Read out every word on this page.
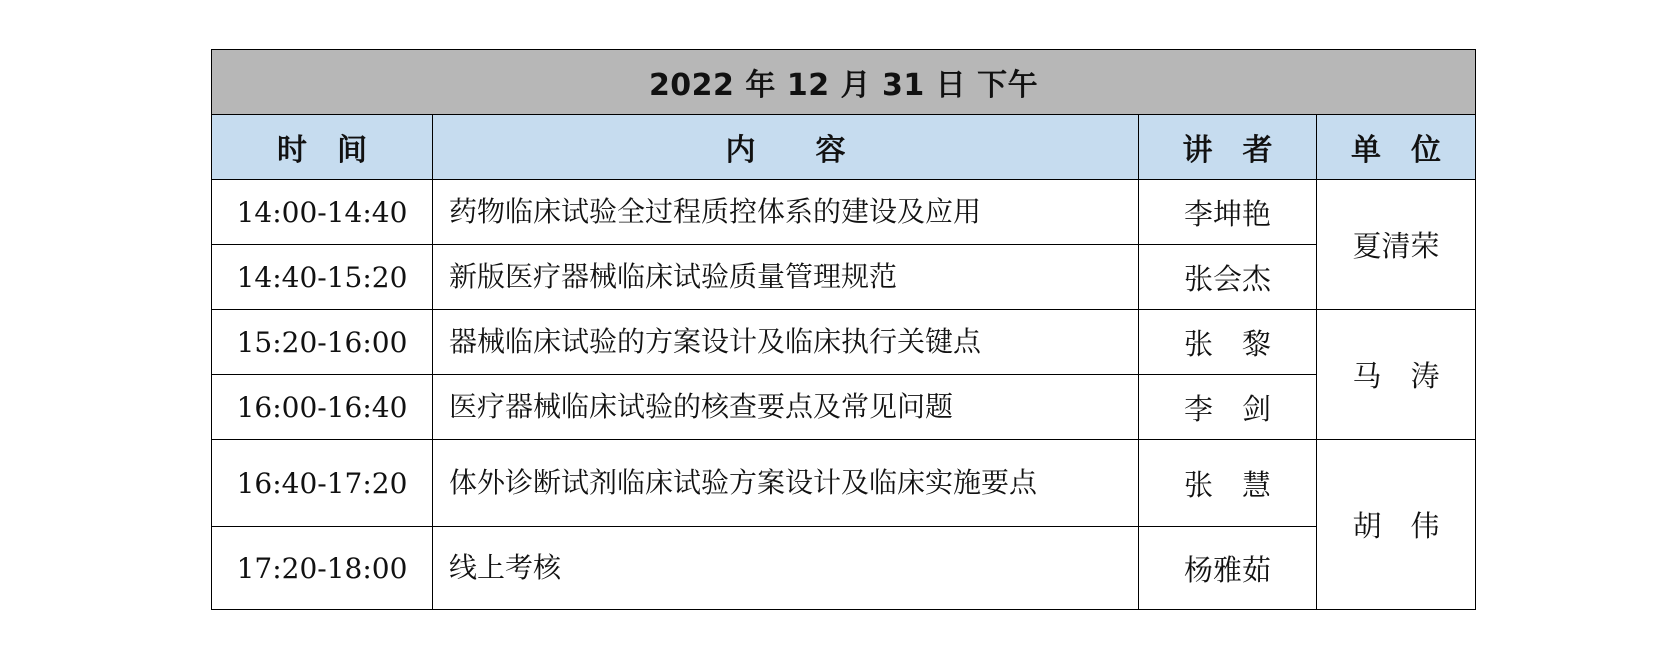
2022 年 12 月 31 日 下午			
时　间	内　　容	讲　者	单　位
14:00-14:40	药物临床试验全过程质控体系的建设及应用	李坤艳	夏清荣
14:40-15:20	新版医疗器械临床试验质量管理规范	张会杰	
15:20-16:00	器械临床试验的方案设计及临床执行关键点	张　黎	马　涛
16:00-16:40	医疗器械临床试验的核查要点及常见问题	李　剑	
16:40-17:20	体外诊断试剂临床试验方案设计及临床实施要点	张　慧	胡　伟
17:20-18:00	线上考核	杨雅茹	
